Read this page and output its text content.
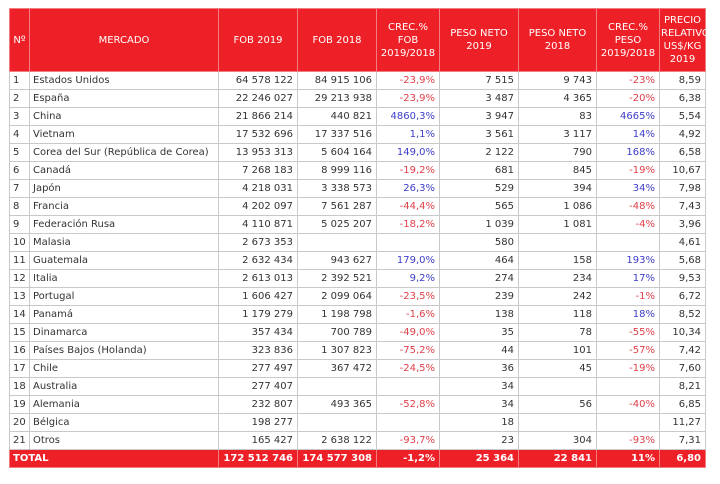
Nº	MERCADO	FOB 2019	FOB 2018	CREC.% FOB 2019/2018	PESO NETO 2019	PESO NETO 2018	CREC.% PESO 2019/2018	PRECIO RELATIVO US$/KG 2019
1	Estados Unidos	64 578 122	84 915 106	-23,9%	7 515	9 743	-23%	8,59
2	España	22 246 027	29 213 938	-23,9%	3 487	4 365	-20%	6,38
3	China	21 866 214	440 821	4860,3%	3 947	83	4665%	5,54
4	Vietnam	17 532 696	17 337 516	1,1%	3 561	3 117	14%	4,92
5	Corea del Sur (República de Corea)	13 953 313	5 604 164	149,0%	2 122	790	168%	6,58
6	Canadá	7 268 183	8 999 116	-19,2%	681	845	-19%	10,67
7	Japón	4 218 031	3 338 573	26,3%	529	394	34%	7,98
8	Francia	4 202 097	7 561 287	-44,4%	565	1 086	-48%	7,43
9	Federación Rusa	4 110 871	5 025 207	-18,2%	1 039	1 081	-4%	3,96
10	Malasia	2 673 353			580			4,61
11	Guatemala	2 632 434	943 627	179,0%	464	158	193%	5,68
12	Italia	2 613 013	2 392 521	9,2%	274	234	17%	9,53
13	Portugal	1 606 427	2 099 064	-23,5%	239	242	-1%	6,72
14	Panamá	1 179 279	1 198 798	-1,6%	138	118	18%	8,52
15	Dinamarca	357 434	700 789	-49,0%	35	78	-55%	10,34
16	Países Bajos (Holanda)	323 836	1 307 823	-75,2%	44	101	-57%	7,42
17	Chile	277 497	367 472	-24,5%	36	45	-19%	7,60
18	Australia	277 407			34			8,21
19	Alemania	232 807	493 365	-52,8%	34	56	-40%	6,85
20	Bélgica	198 277			18			11,27
21	Otros	165 427	2 638 122	-93,7%	23	304	-93%	7,31
TOTAL		172 512 746	174 577 308	-1,2%	25 364	22 841	11%	6,80
